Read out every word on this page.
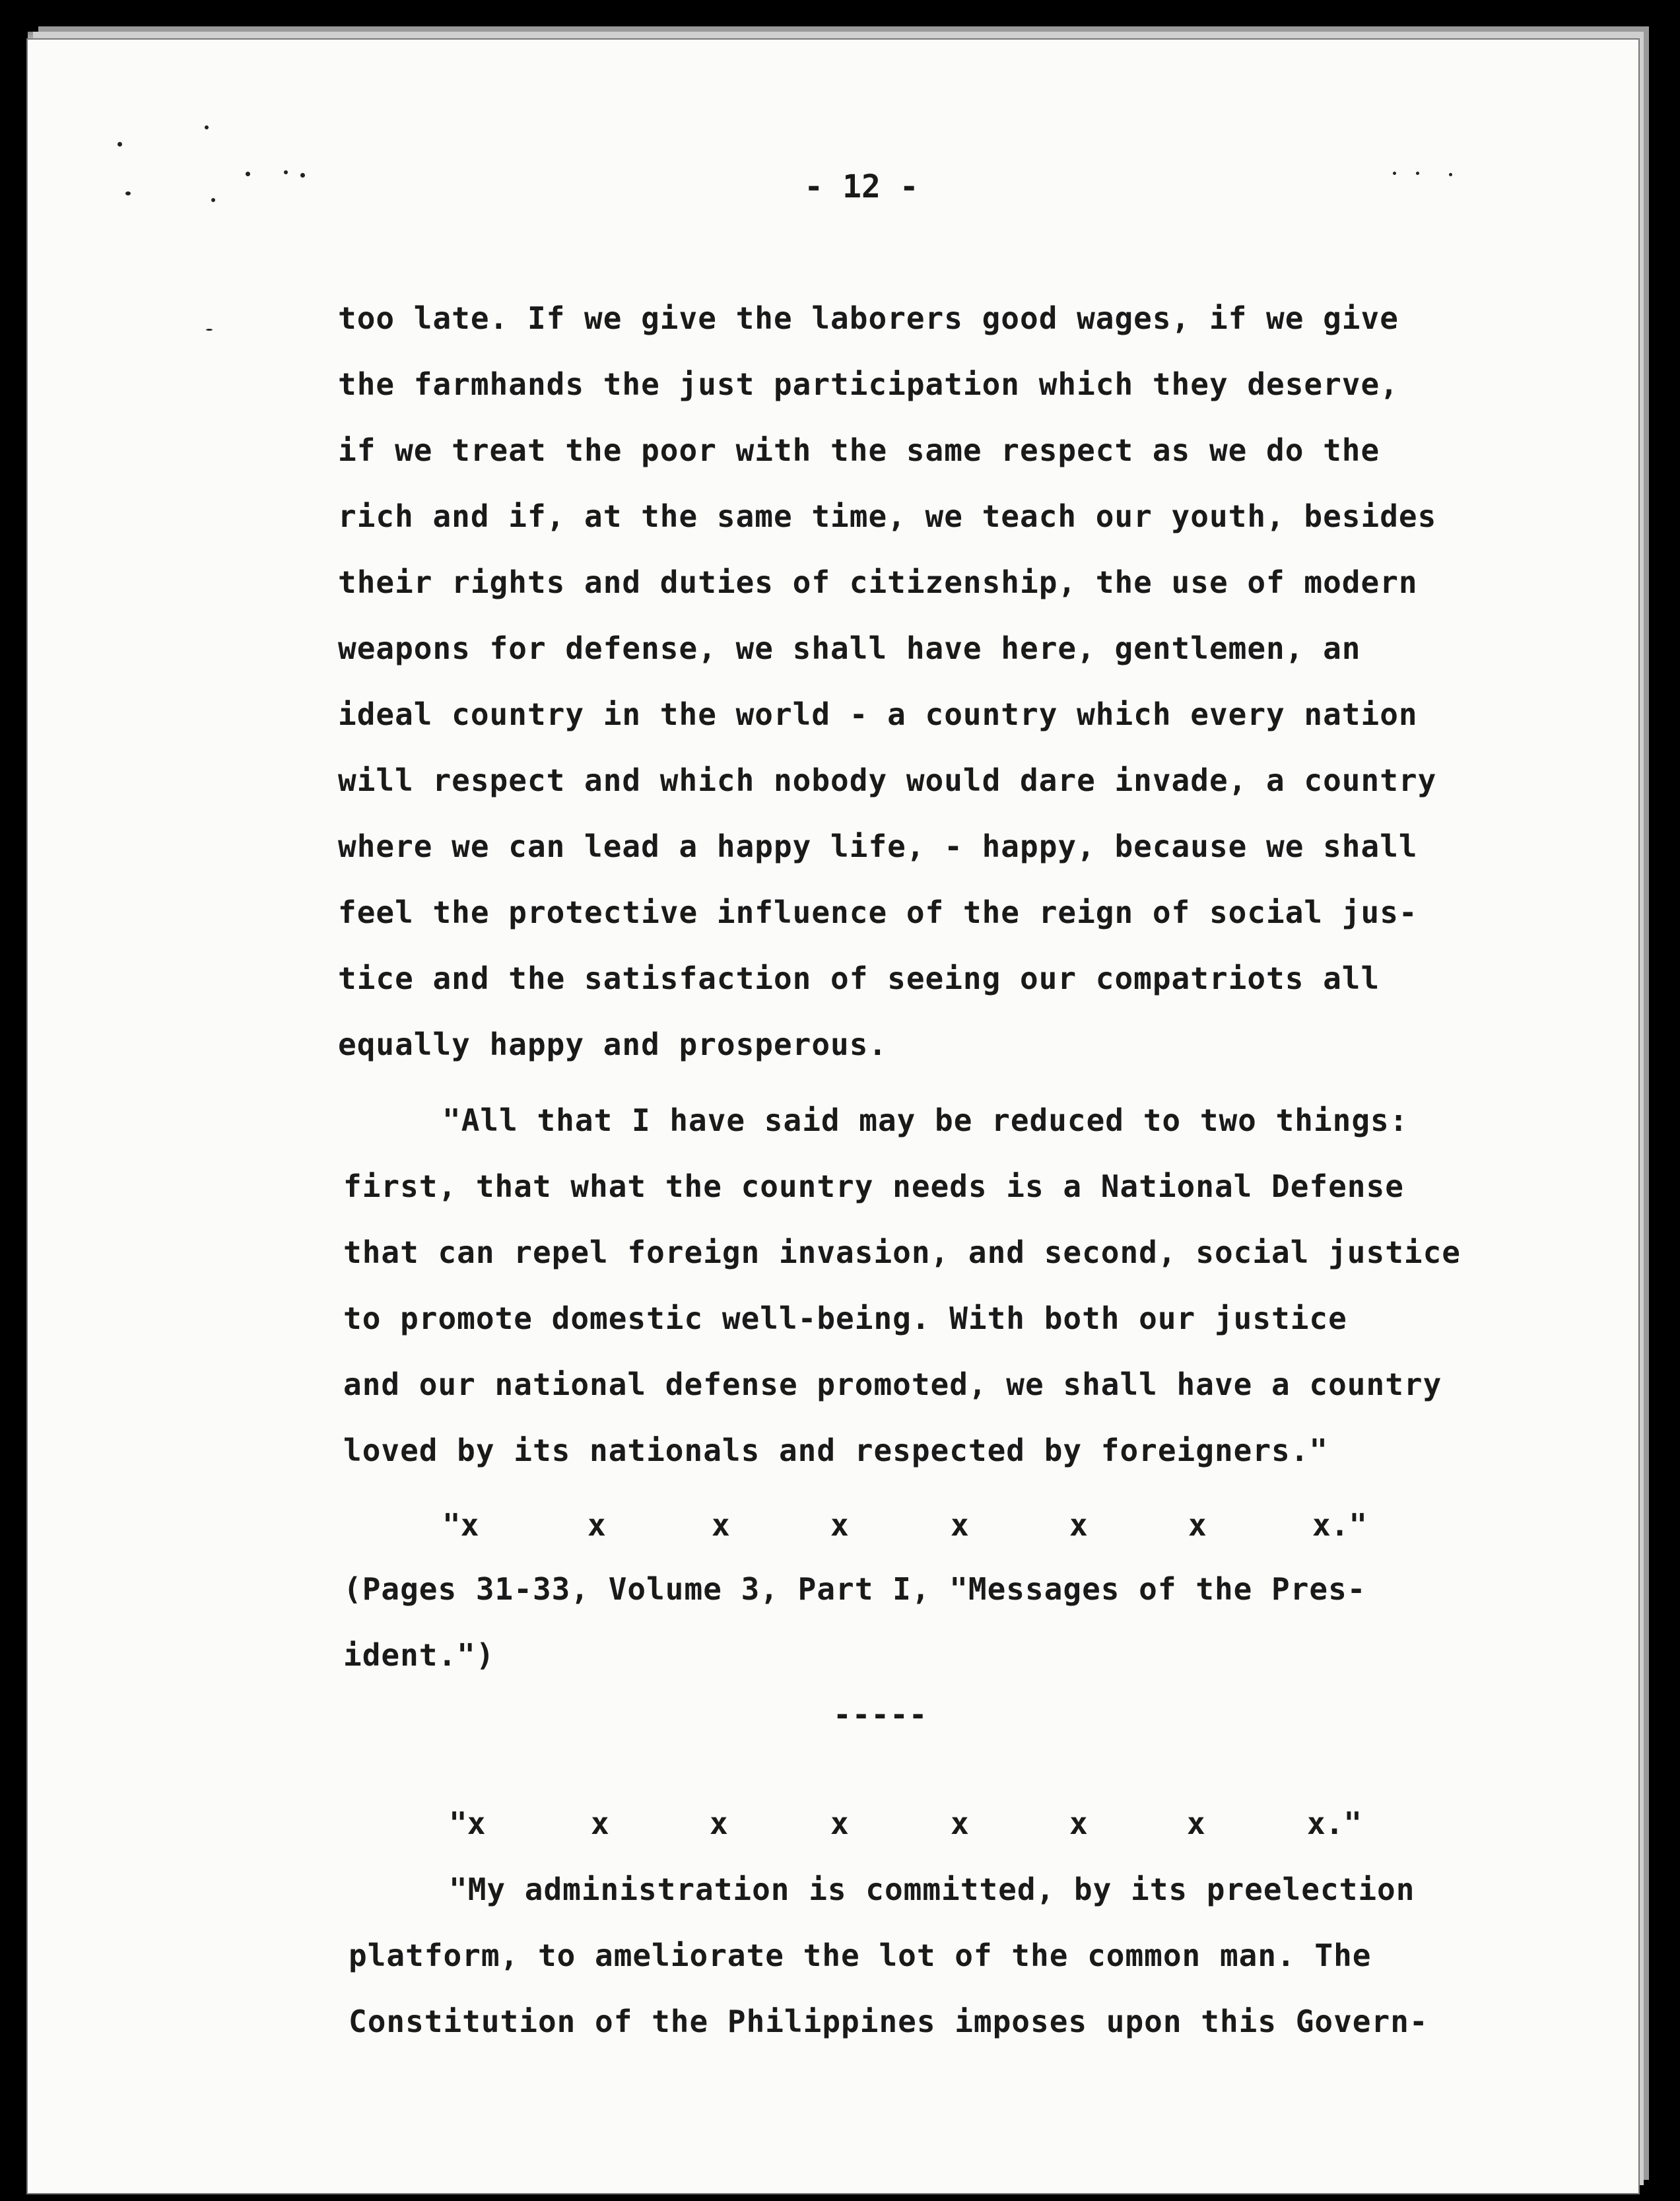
- 12 -
too late. If we give the laborers good wages, if we give
the farmhands the just participation which they deserve,
if we treat the poor with the same respect as we do the
rich and if, at the same time, we teach our youth, besides
their rights and duties of citizenship, the use of modern
weapons for defense, we shall have here, gentlemen, an
ideal country in the world - a country which every nation
will respect and which nobody would dare invade, a country
where we can lead a happy life, - happy, because we shall
feel the protective influence of the reign of social jus-
tice and the satisfaction of seeing our compatriots all
equally happy and prosperous.
"All that I have said may be reduced to two things:
first, that what the country needs is a National Defense
that can repel foreign invasion, and second, social justice
to promote domestic well-being. With both our justice
and our national defense promoted, we shall have a country
loved by its nationals and respected by foreigners."
"x	x	x	x	x	x	x	x."
(Pages 31-33, Volume 3, Part I, "Messages of the Pres-
ident.")
-----
"x	x	x	x	x	x	x	x."
"My administration is committed, by its preelection
platform, to ameliorate the lot of the common man. The
Constitution of the Philippines imposes upon this Govern-
